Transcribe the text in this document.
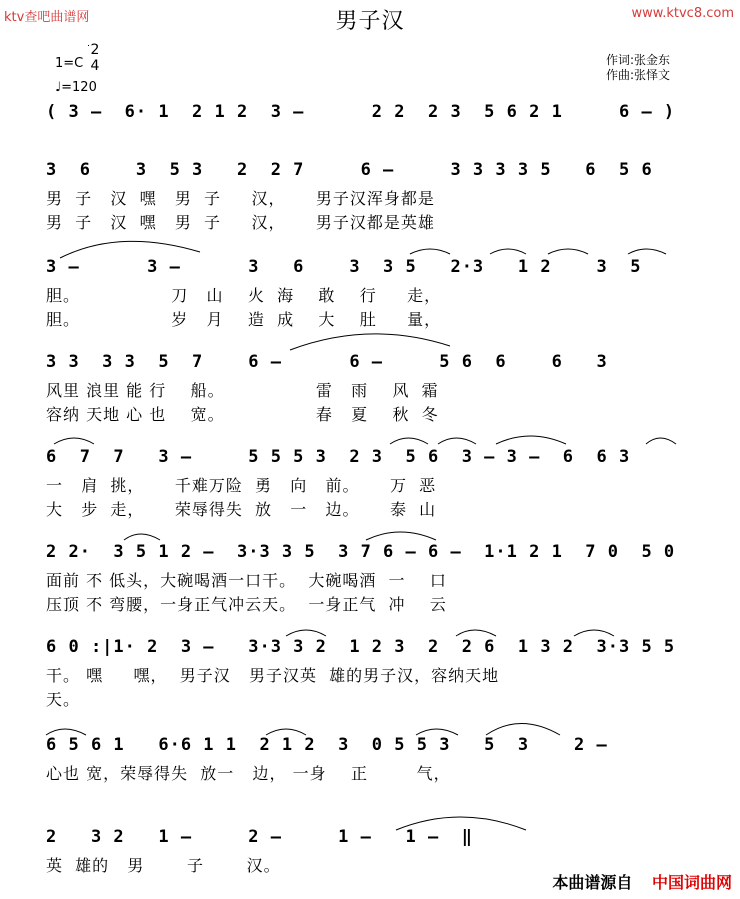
ktv查吧曲谱网	www.ktvc8.com
男子汉
1=C
2
4
♩=120
作词:张金东
作曲:张怿文
( 3 –  6· 1  2 1 2  3 –      2 2  2 3  5 6 2 1     6 – )
3  6    3  5 3   2  2 7     6 –     3 3 3 3 5   6  5 6
男  子   汉  嘿   男  子     汉，     男子汉浑身都是
男  子   汉  嘿   男  子     汉，     男子汉都是英雄
3 –      3 –      3   6    3  3 5   2·3   1 2    3  5
胆。               刀   山    火  海    敢    行     走，
胆。               岁   月    造  成    大    肚     量，
3 3  3 3  5  7    6 –      6 –     5 6  6    6   3
风里 浪里 能 行    船。               雷   雨    风  霜
容纳 天地 心 也    宽。               春   夏    秋  冬
6  7  7   3 –     5 5 5 3  2 3  5 6  3 – 3 –  6  6 3
一   肩  挑，     千难万险  勇   向   前。     万  恶
大   步  走，     荣辱得失  放   一   边。     泰  山
2 2·  3 5 1 2 –  3·3 3 5  3 7 6 – 6 –  1·1 2 1  7 0  5 0
面前 不 低头，大碗喝酒一口干。  大碗喝酒  一    口
压顶 不 弯腰，一身正气冲云天。  一身正气  冲    云
6 0 :|1· 2  3 –   3·3 3 2  1 2 3  2  2 6  1 3 2  3·3 5 5
干。 嘿     嘿，  男子汉   男子汉英  雄的男子汉，容纳天地
天。
6 5 6 1   6·6 1 1  2 1 2  3  0 5 5 3   5  3    2 –
心也 宽，荣辱得失  放一   边， 一身    正        气，
2   3 2   1 –     2 –     1 –   1 –  ‖
英  雄的   男       子       汉。
本曲谱源自 中国词曲网
